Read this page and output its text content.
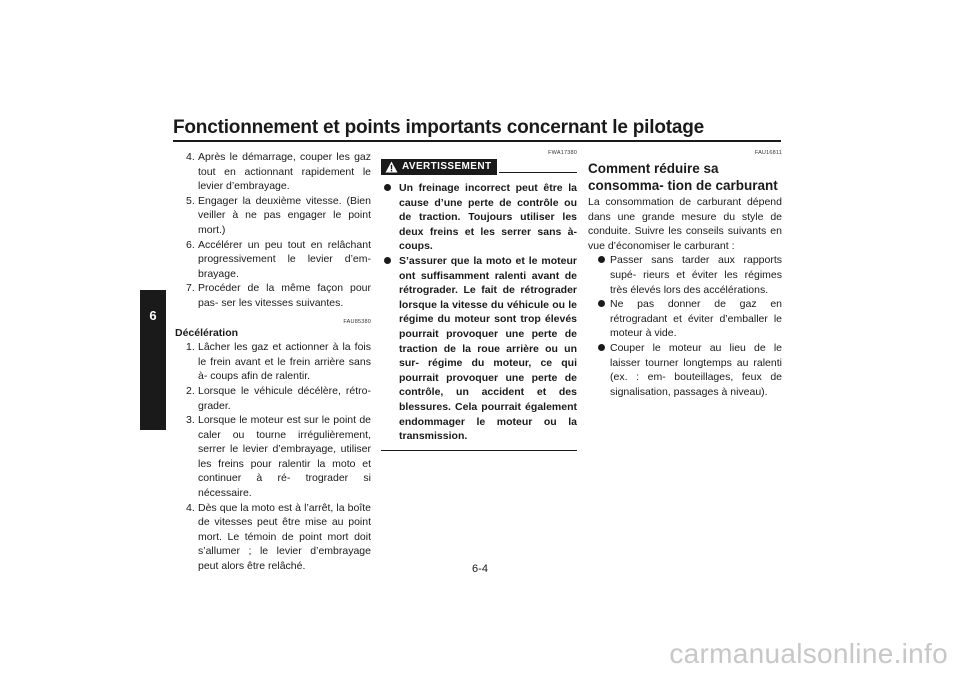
Fonctionnement et points importants concernant le pilotage
6
4. Après le démarrage, couper les gaz tout en actionnant rapidement le levier d’embrayage.
5. Engager la deuxième vitesse. (Bien veiller à ne pas engager le point mort.)
6. Accélérer un peu tout en relâchant progressivement le levier d’em- brayage.
7. Procéder de la même façon pour pas- ser les vitesses suivantes.
FAU85380
Décélération
1. Lâcher les gaz et actionner à la fois le frein avant et le frein arrière sans à- coups afin de ralentir.
2. Lorsque le véhicule décélère, rétro- grader.
3. Lorsque le moteur est sur le point de caler ou tourne irrégulièrement, serrer le levier d’embrayage, utiliser les freins pour ralentir la moto et continuer à ré- trograder si nécessaire.
4. Dès que la moto est à l’arrêt, la boîte de vitesses peut être mise au point mort. Le témoin de point mort doit s’allumer ; le levier d’embrayage peut alors être relâché.
FWA17380
AVERTISSEMENT
Un freinage incorrect peut être la cause d’une perte de contrôle ou de traction. Toujours utiliser les deux freins et les serrer sans à-coups.
S’assurer que la moto et le moteur ont suffisamment ralenti avant de rétrograder. Le fait de rétrograder lorsque la vitesse du véhicule ou le régime du moteur sont trop élevés pourrait provoquer une perte de traction de la roue arrière ou un sur- régime du moteur, ce qui pourrait provoquer une perte de contrôle, un accident et des blessures. Cela pourrait également endommager le moteur ou la transmission.
FAU16811
Comment réduire sa consomma- tion de carburant

La consommation de carburant dépend dans une grande mesure du style de conduite. Suivre les conseils suivants en vue d’économiser le carburant :

Passer sans tarder aux rapports supé- rieurs et éviter les régimes très élevés lors des accélérations.
Ne pas donner de gaz en rétrogradant et éviter d’emballer le moteur à vide.
Couper le moteur au lieu de le laisser tourner longtemps au ralenti (ex. : em- bouteillages, feux de signalisation, passages à niveau).
6-4
carmanualsonline.info
